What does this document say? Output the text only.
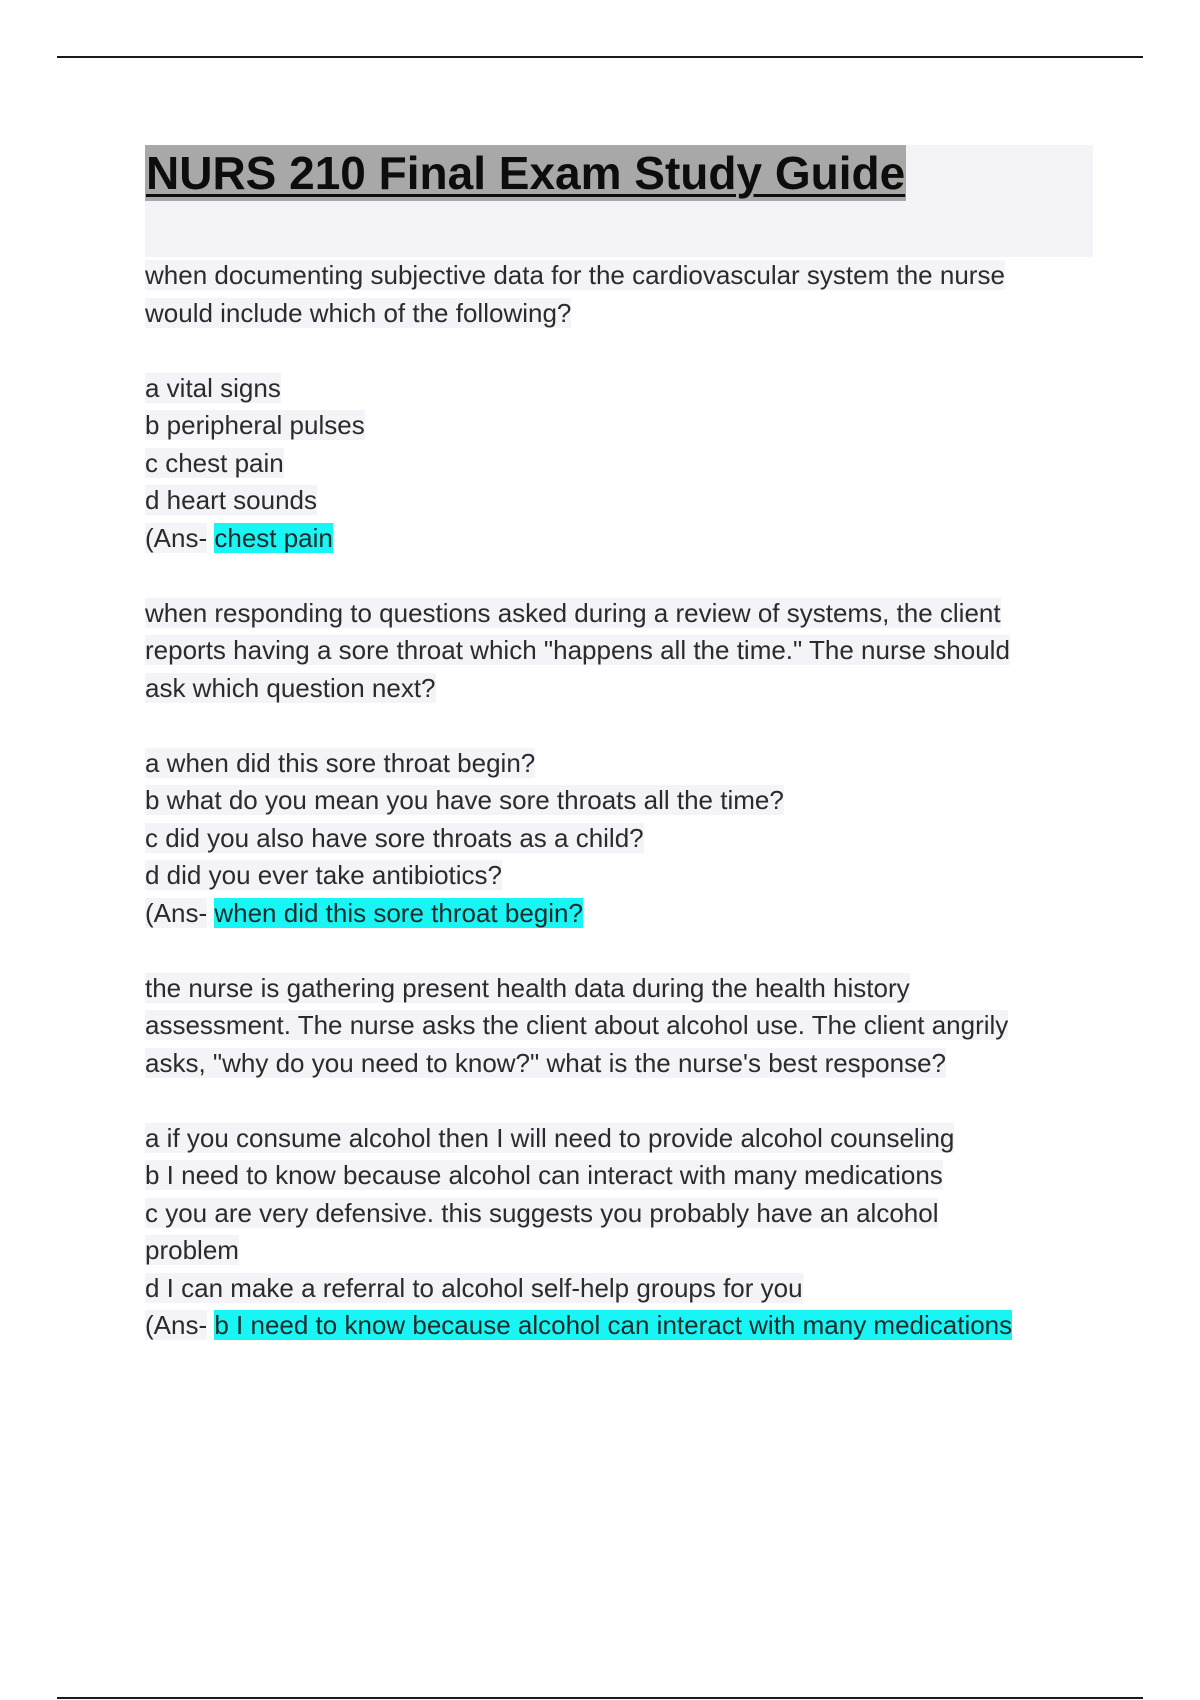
NURS 210 Final Exam Study Guide
when documenting subjective data for the cardiovascular system the nurse
would include which of the following?
a vital signs
b peripheral pulses
c chest pain
d heart sounds
(Ans- chest pain
when responding to questions asked during a review of systems, the client
reports having a sore throat which "happens all the time." The nurse should
ask which question next?
a when did this sore throat begin?
b what do you mean you have sore throats all the time?
c did you also have sore throats as a child?
d did you ever take antibiotics?
(Ans- when did this sore throat begin?
the nurse is gathering present health data during the health history
assessment. The nurse asks the client about alcohol use. The client angrily
asks, "why do you need to know?" what is the nurse's best response?
a if you consume alcohol then I will need to provide alcohol counseling
b I need to know because alcohol can interact with many medications
c you are very defensive. this suggests you probably have an alcohol
problem
d I can make a referral to alcohol self-help groups for you
(Ans- b I need to know because alcohol can interact with many medications
